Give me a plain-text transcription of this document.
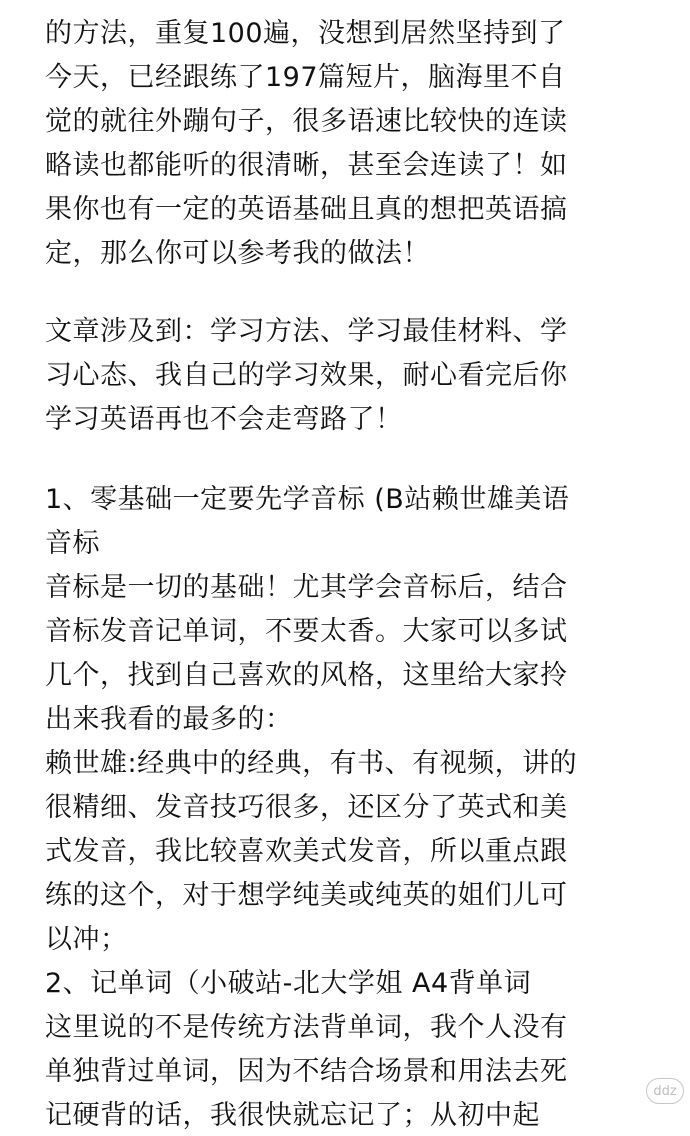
的方法，重复100遍，没想到居然坚持到了
今天，已经跟练了197篇短片，脑海里不自
觉的就往外蹦句子，很多语速比较快的连读
略读也都能听的很清晰，甚至会连读了！如
果你也有一定的英语基础且真的想把英语搞
定，那么你可以参考我的做法！
文章涉及到：学习方法、学习最佳材料、学
习心态、我自己的学习效果，耐心看完后你
学习英语再也不会走弯路了！
1、零基础一定要先学音标 (B站赖世雄美语
音标
音标是一切的基础！尤其学会音标后，结合
音标发音记单词，不要太香。大家可以多试
几个，找到自己喜欢的风格，这里给大家拎
出来我看的最多的：
赖世雄:经典中的经典，有书、有视频，讲的
很精细、发音技巧很多，还区分了英式和美
式发音，我比较喜欢美式发音，所以重点跟
练的这个，对于想学纯美或纯英的姐们儿可
以冲；
2、记单词（小破站-北大学姐 A4背单词
这里说的不是传统方法背单词，我个人没有
单独背过单词，因为不结合场景和用法去死
记硬背的话，我很快就忘记了；从初中起
ddz
